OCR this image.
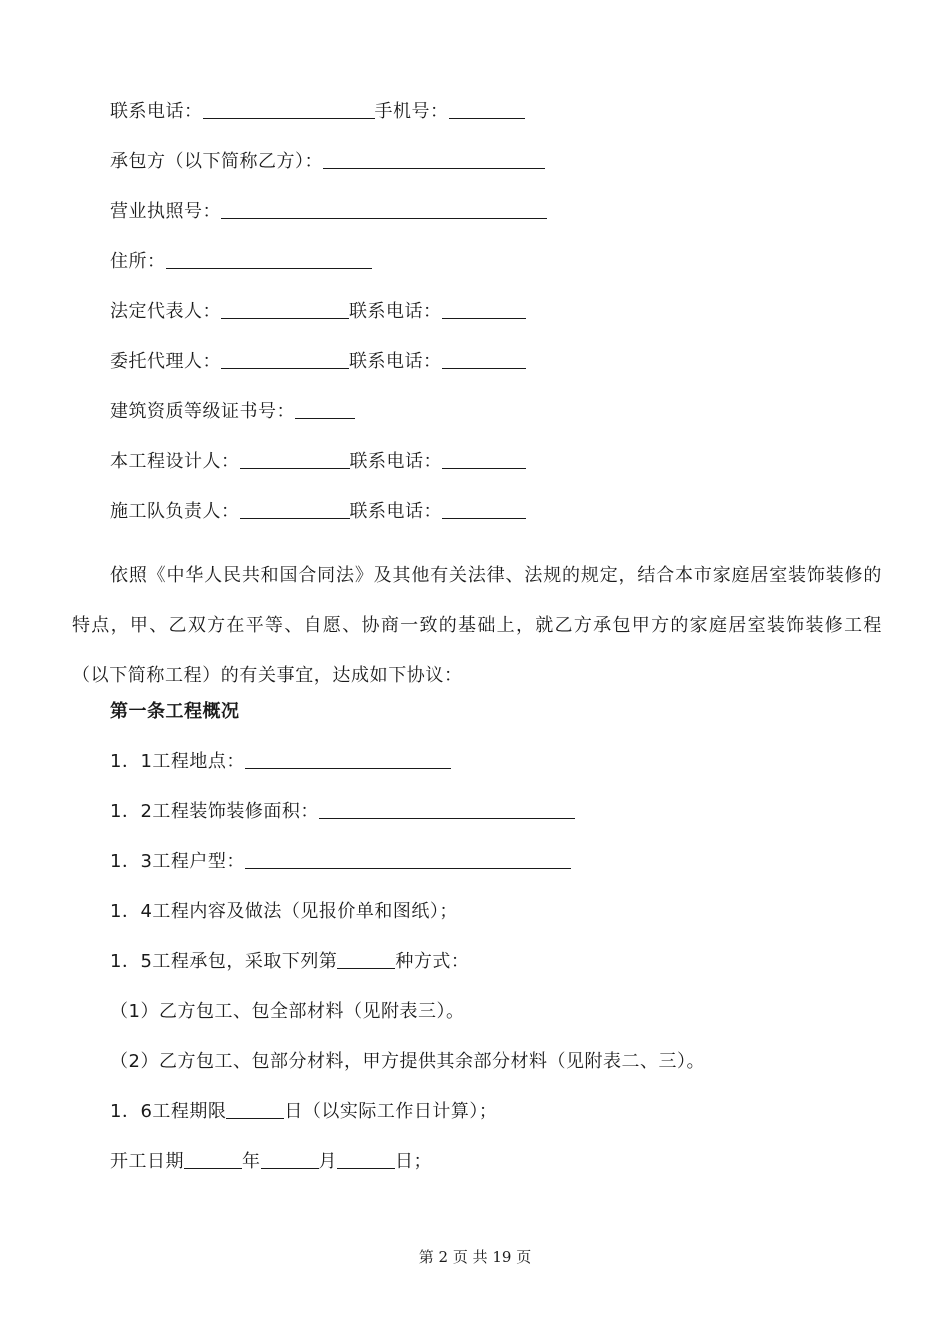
联系电话：	手机号：
承包方（以下简称乙方）：
营业执照号：
住所：
法定代表人：	联系电话：
委托代理人：	联系电话：
建筑资质等级证书号：
本工程设计人：	联系电话：
施工队负责人：	联系电话：
依照《中华人民共和国合同法》及其他有关法律、法规的规定，结合本市家庭居室装饰装修的特点，甲、乙双方在平等、自愿、协商一致的基础上，就乙方承包甲方的家庭居室装饰装修工程（以下简称工程）的有关事宜，达成如下协议：
第一条工程概况
1．1工程地点：
1．2工程装饰装修面积：
1．3工程户型：
1．4工程内容及做法（见报价单和图纸）；
1．5工程承包，采取下列第	种方式：
（1）乙方包工、包全部材料（见附表三）。
（2）乙方包工、包部分材料，甲方提供其余部分材料（见附表二、三）。
1．6工程期限	日（以实际工作日计算）；
开工日期	年	月	日；
第 2 页 共 19 页
